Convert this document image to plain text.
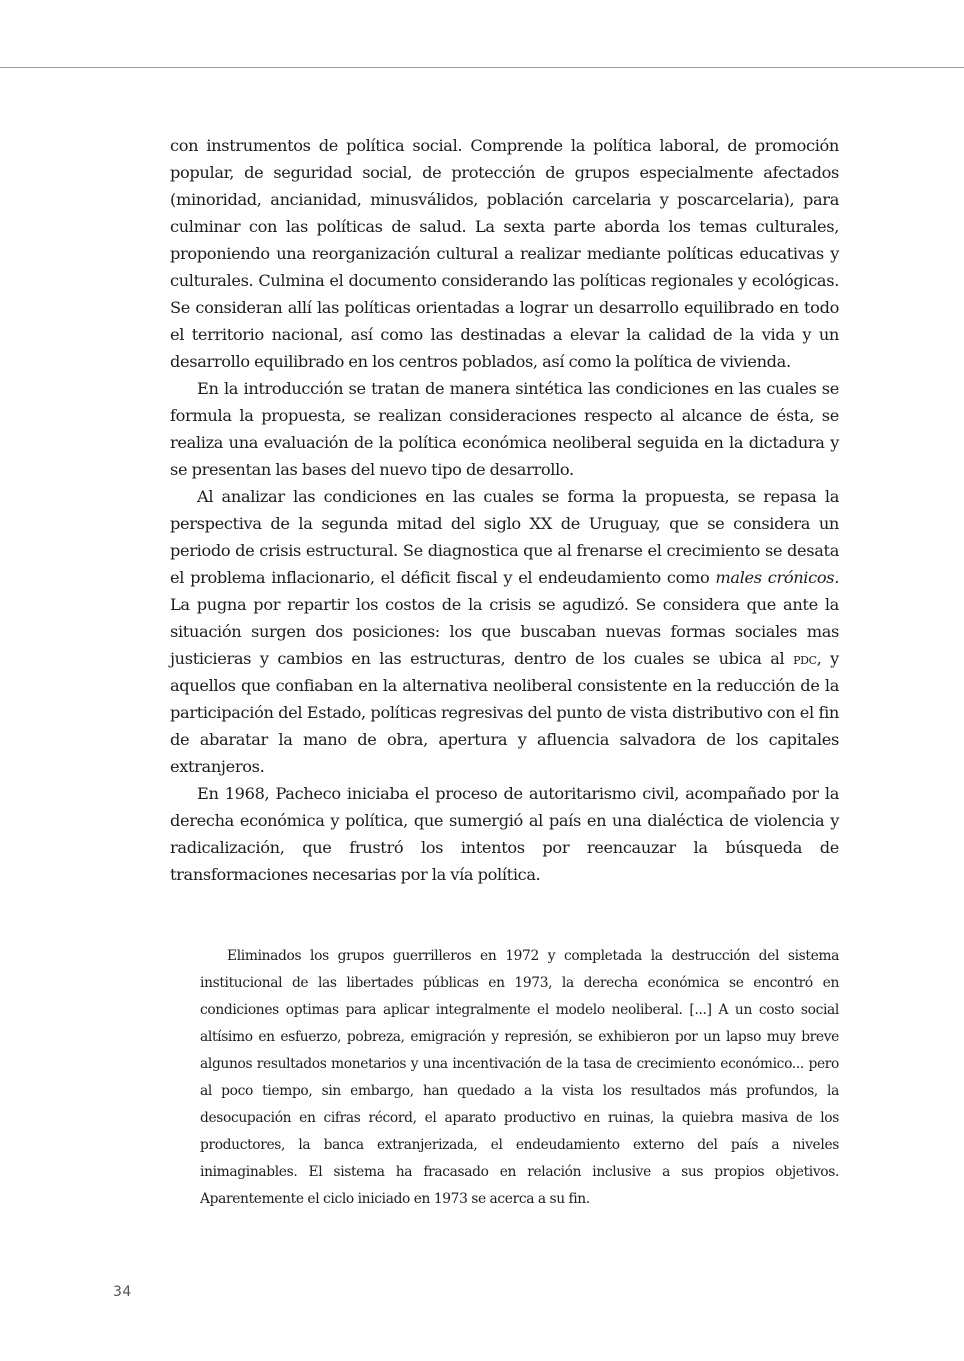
con instrumentos de política social. Comprende la política laboral, de promoción popular, de seguridad social, de protección de grupos especialmente afectados (minoridad, ancianidad, minusválidos, población carcelaria y poscarcelaria), para culminar con las políticas de salud. La sexta parte aborda los temas culturales, proponiendo una reorganización cultural a realizar mediante políticas educativas y culturales. Culmina el documento considerando las políticas regionales y ecológicas. Se consideran allí las políticas orientadas a lograr un desarrollo equilibrado en todo el territorio nacional, así como las destinadas a elevar la calidad de la vida y un desarrollo equilibrado en los centros poblados, así como la política de vivienda.

En la introducción se tratan de manera sintética las condiciones en las cuales se formula la propuesta, se realizan consideraciones respecto al alcance de ésta, se realiza una evaluación de la política económica neoliberal seguida en la dictadura y se presentan las bases del nuevo tipo de desarrollo.

Al analizar las condiciones en las cuales se forma la propuesta, se repasa la perspectiva de la segunda mitad del siglo XX de Uruguay, que se considera un periodo de crisis estructural. Se diagnostica que al frenarse el crecimiento se desata el problema inflacionario, el déficit fiscal y el endeudamiento como males crónicos. La pugna por repartir los costos de la crisis se agudizó. Se considera que ante la situación surgen dos posiciones: los que buscaban nuevas formas sociales mas justicieras y cambios en las estructuras, dentro de los cuales se ubica al pdc, y aquellos que confiaban en la alternativa neoliberal consistente en la reducción de la participación del Estado, políticas regresivas del punto de vista distributivo con el fin de abaratar la mano de obra, apertura y afluencia salvadora de los capitales extranjeros.

En 1968, Pacheco iniciaba el proceso de autoritarismo civil, acompañado por la derecha económica y política, que sumergió al país en una dialéctica de violencia y radicalización, que frustró los intentos por reencauzar la búsqueda de transformaciones necesarias por la vía política.

Eliminados los grupos guerrilleros en 1972 y completada la destrucción del sistema institucional de las libertades públicas en 1973, la derecha económica se encontró en condiciones optimas para aplicar integralmente el modelo neoliberal. [...] A un costo social altísimo en esfuerzo, pobreza, emigración y represión, se exhibieron por un lapso muy breve algunos resultados monetarios y una incentivación de la tasa de crecimiento económico... pero al poco tiempo, sin embargo, han quedado a la vista los resultados más profundos, la desocupación en cifras récord, el aparato productivo en ruinas, la quiebra masiva de los productores, la banca extranjerizada, el endeudamiento externo del país a niveles inimaginables. El sistema ha fracasado en relación inclusive a sus propios objetivos. Aparentemente el ciclo iniciado en 1973 se acerca a su fin.

34
